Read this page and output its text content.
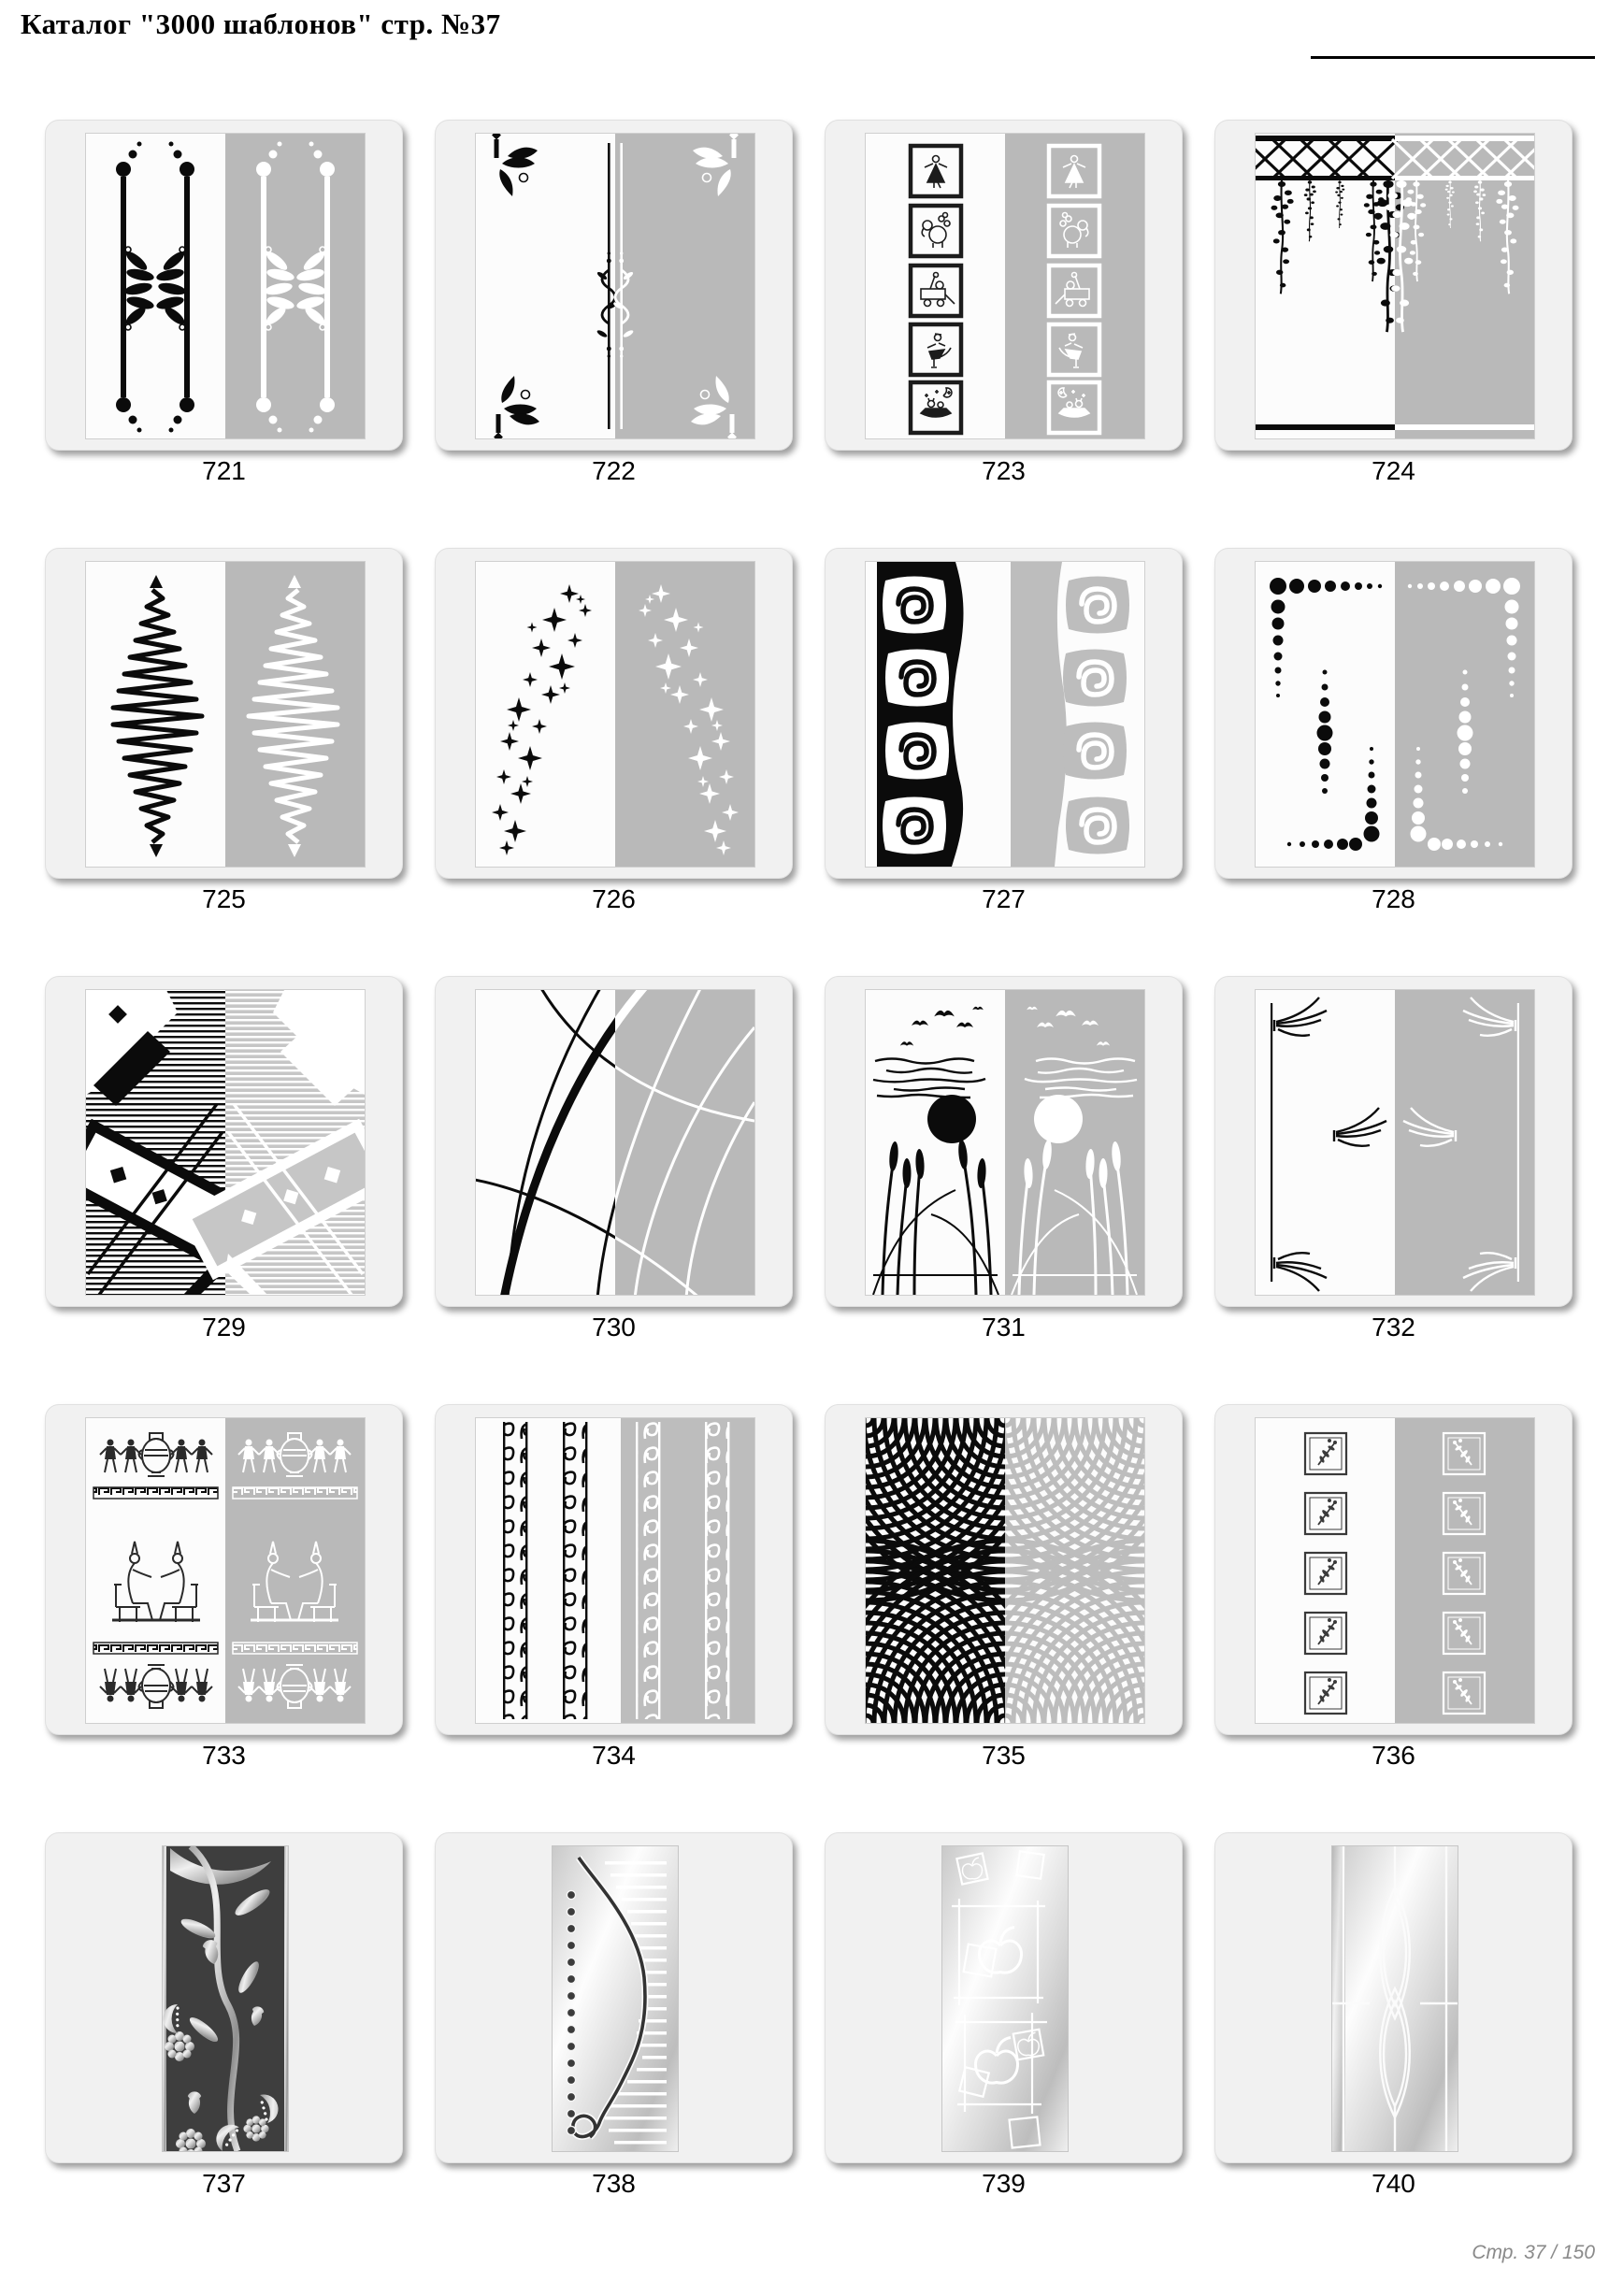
Каталог "3000 шаблонов" стр. №37
721	722	723	724
725	726	727	728
729	730	731	732
733	734	735	736
737	738	739	740
Стр. 37 / 150
